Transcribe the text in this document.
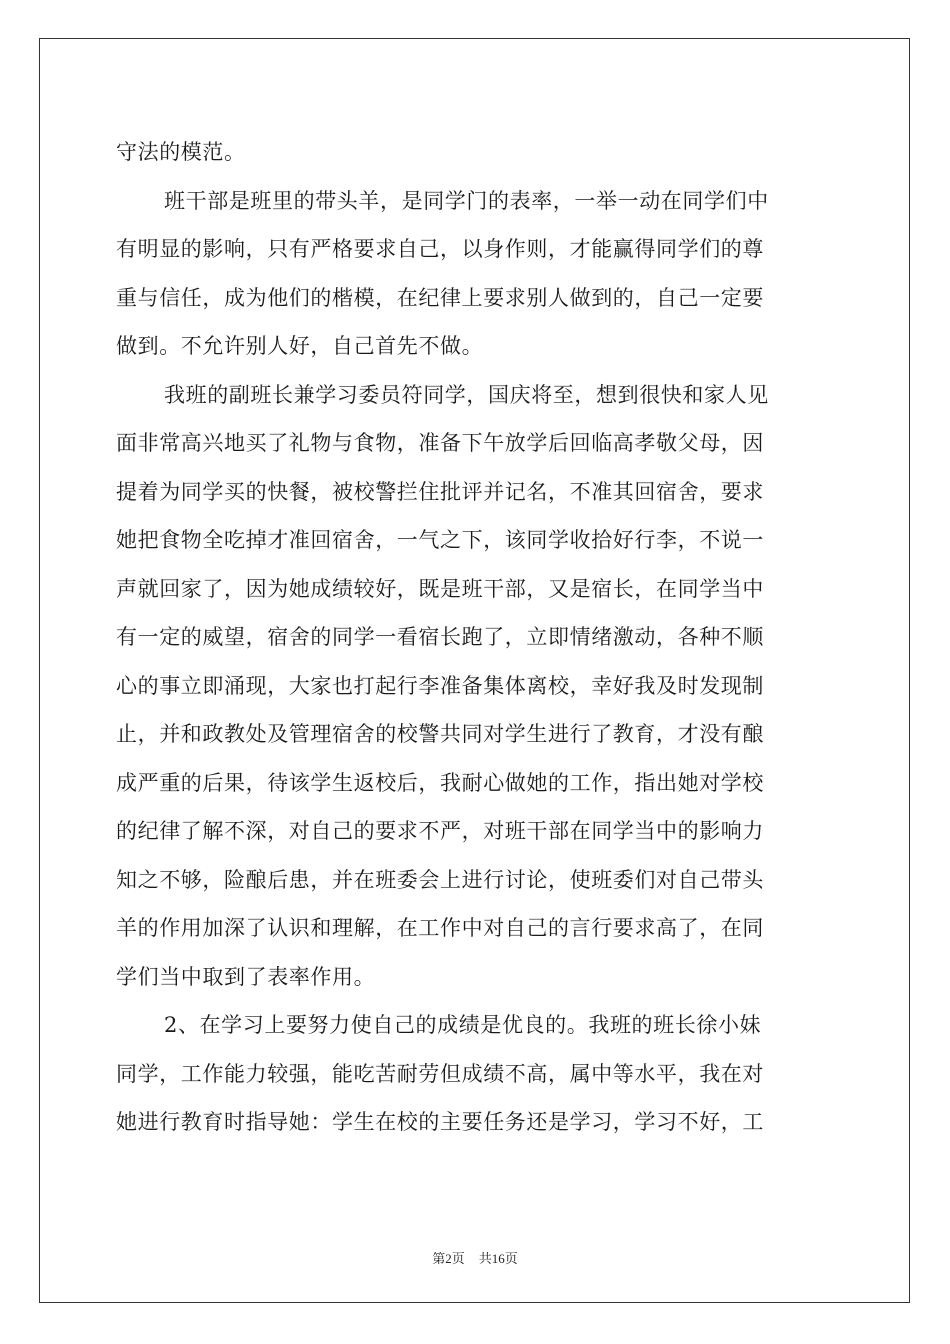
守法的模范。
班干部是班里的带头羊，是同学门的表率，一举一动在同学们中
有明显的影响，只有严格要求自己，以身作则，才能赢得同学们的尊
重与信任，成为他们的楷模，在纪律上要求别人做到的，自己一定要
做到。不允许别人好，自己首先不做。
我班的副班长兼学习委员符同学，国庆将至，想到很快和家人见
面非常高兴地买了礼物与食物，准备下午放学后回临高孝敬父母，因
提着为同学买的快餐，被校警拦住批评并记名，不准其回宿舍，要求
她把食物全吃掉才准回宿舍，一气之下，该同学收拾好行李，不说一
声就回家了，因为她成绩较好，既是班干部，又是宿长，在同学当中
有一定的威望，宿舍的同学一看宿长跑了，立即情绪激动，各种不顺
心的事立即涌现，大家也打起行李准备集体离校，幸好我及时发现制
止，并和政教处及管理宿舍的校警共同对学生进行了教育，才没有酿
成严重的后果，待该学生返校后，我耐心做她的工作，指出她对学校
的纪律了解不深，对自己的要求不严，对班干部在同学当中的影响力
知之不够，险酿后患，并在班委会上进行讨论，使班委们对自己带头
羊的作用加深了认识和理解，在工作中对自己的言行要求高了，在同
学们当中取到了表率作用。
2、在学习上要努力使自己的成绩是优良的。我班的班长徐小妹
同学，工作能力较强，能吃苦耐劳但成绩不高，属中等水平，我在对
她进行教育时指导她：学生在校的主要任务还是学习，学习不好，工
第2页 共16页
